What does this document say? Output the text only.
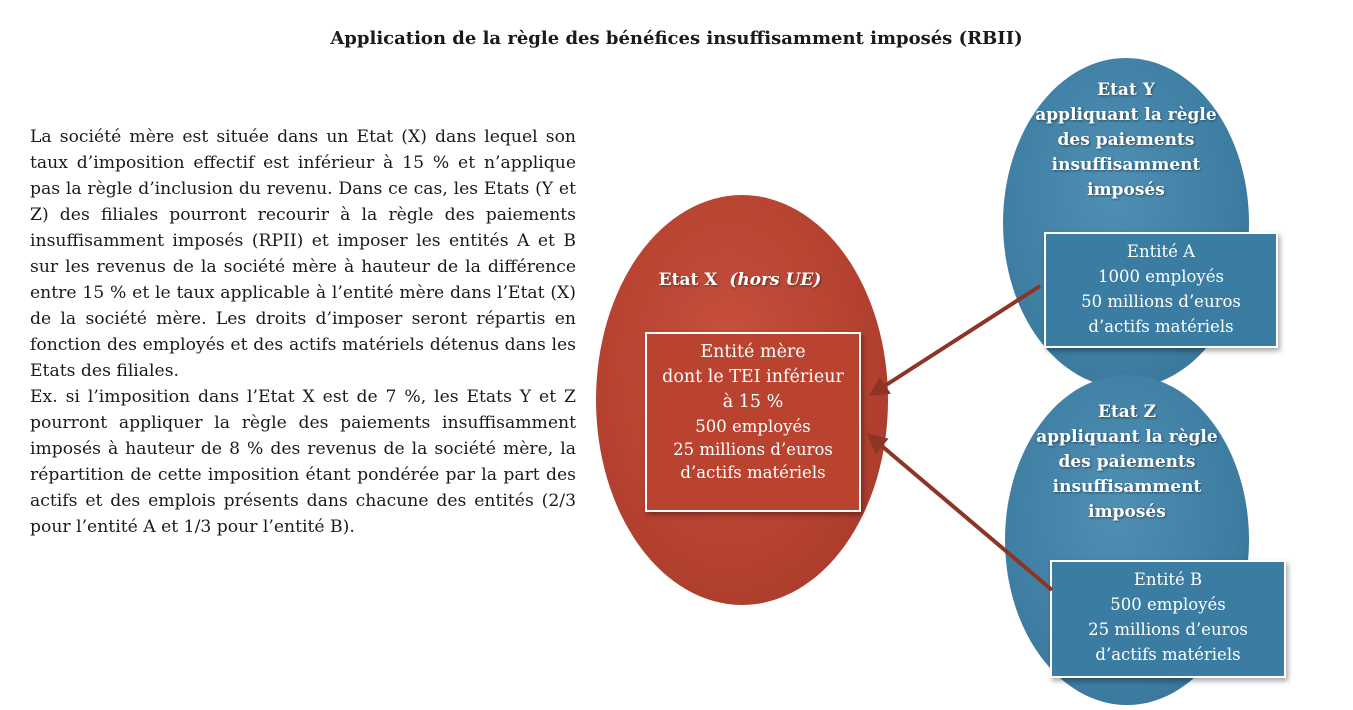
Application de la règle des bénéfices insuffisamment imposés (RBII)

La société mère est située dans un Etat (X) dans lequel son taux d’imposition effectif est inférieur à 15 % et n’applique pas la règle d’inclusion du revenu. Dans ce cas, les Etats (Y et Z) des filiales pourront recourir à la règle des paiements insuffisamment imposés (RPII) et imposer les entités A et B sur les revenus de la société mère à hauteur de la différence entre 15 % et le taux applicable à l’entité mère dans l’Etat (X) de la société mère. Les droits d’imposer seront répartis en fonction des employés et des actifs matériels détenus dans les Etats des filiales.

Ex. si l’imposition dans l’Etat X est de 7 %, les Etats Y et Z pourront appliquer la règle des paiements insuffisamment imposés à hauteur de 8 % des revenus de la société mère, la répartition de cette imposition étant pondérée par la part des actifs et des emplois présents dans chacune des entités (2/3 pour l’entité A et 1/3 pour l’entité B).

Etat X (hors UE)
Etat Y
appliquant la règle
des paiements
insuffisamment
imposés
Etat Z
appliquant la règle
des paiements
insuffisamment
imposés
Entité mère
dont le TEI inférieur
à 15 %
500 employés
25 millions d’euros
d’actifs matériels
Entité A
1000 employés
50 millions d’euros
d’actifs matériels
Entité B
500 employés
25 millions d’euros
d’actifs matériels
